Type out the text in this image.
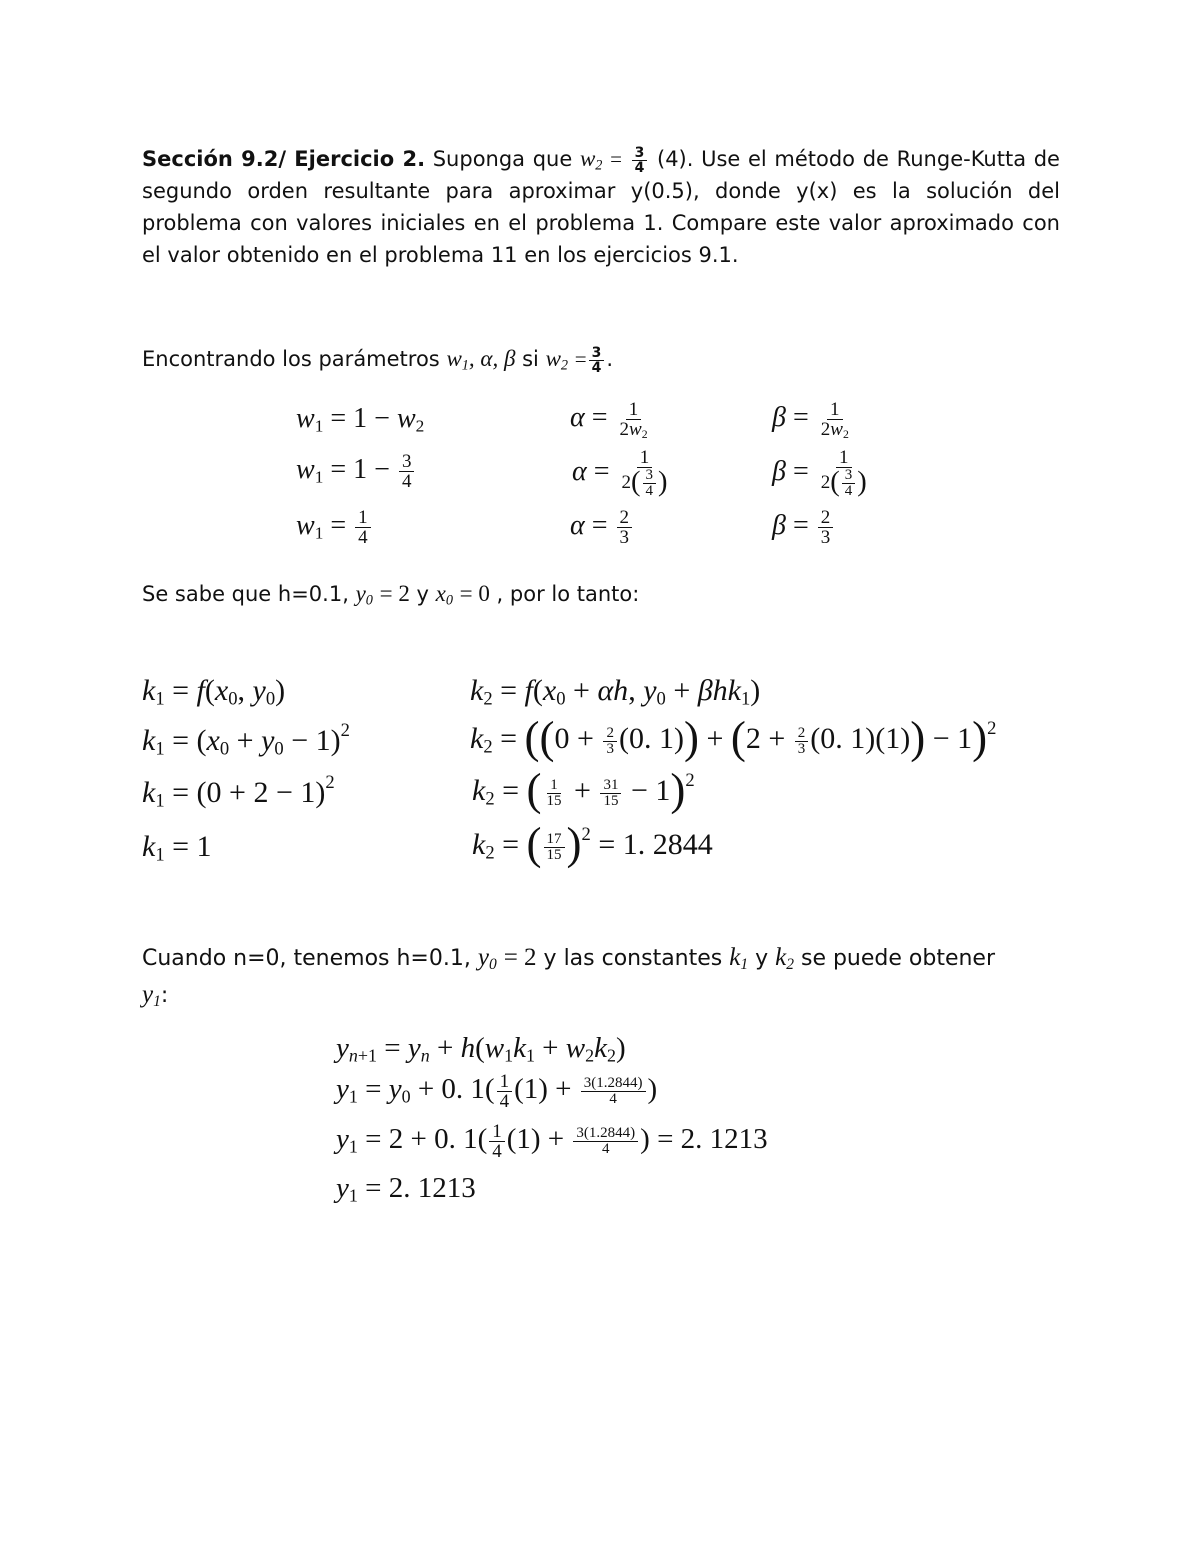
Sección 9.2/ Ejercicio 2. Suponga que $w_2 = \frac{3}{4} (4)$. Use el método de Runge-Kutta de segundo orden resultante para aproximar y(0.5), donde y(x) es la solución del problema con valores iniciales en el problema 1. Compare este valor aproximado con el valor obtenido en el problema 11 en los ejercicios 9.1.
Encontrando los parámetros $w_1$, α, β si $w_2 = \frac{3}{4}$ .
$w_1 = 1 - w_2$
$w_1 = 1 - \frac{3}{4}$
$w_1 = \frac{1}{4}$
$\alpha = \frac{1}{2w_2}$
$\alpha = \frac{1}{2( \frac{3}{4} )}$
$\alpha = \frac{2}{3}$
$\beta = \frac{1}{2w_2}$
$\beta = \frac{1}{2( \frac{3}{4} )}$
$\beta = \frac{2}{3}$
Se sabe que h=0.1, $y_0 = 2$ y $x_0 = 0$ , por lo tanto:
$k_1 = f(x_0$, $y_0$)
$k_1 = (x_0 + y_0 - 1)^2$
$k_1 = (0 + 2 - 1)^2$
$k_1 = 1$
$k_2 = f(x_0 + \alpha h$, $y_0 + \beta hk_1$)
$k_2 = ((0 + \frac{2}{3} (0$. $1)) + (2 + \frac{2}{3} (0$. 1)(1)) − 1)$^2$
$k_2$ = ( $\frac{1}{15} + \frac{31}{15} - 1)^2$
$k_2$ = ( $\frac{17}{15} )^2 = 1$. 2844
Cuando n=0, tenemos h=0.1, $y_0 = 2$ y las constantes $k_1$ y $k_2$ se puede obtener
$y_1$:
$y_{n+1} = y_n + h(w_1k_1 + w_2k_2)$
$y_1 = y_0 + 0$. $1( \frac{1}{4} (1) + \frac{3(1.2844)}{4}$ )
$y_1 = 2 + 0$. $1( \frac{1}{4} (1) + \frac{3(1.2844)}{4}$ ) = 2. 1213
$y_1 = 2$. 1213
